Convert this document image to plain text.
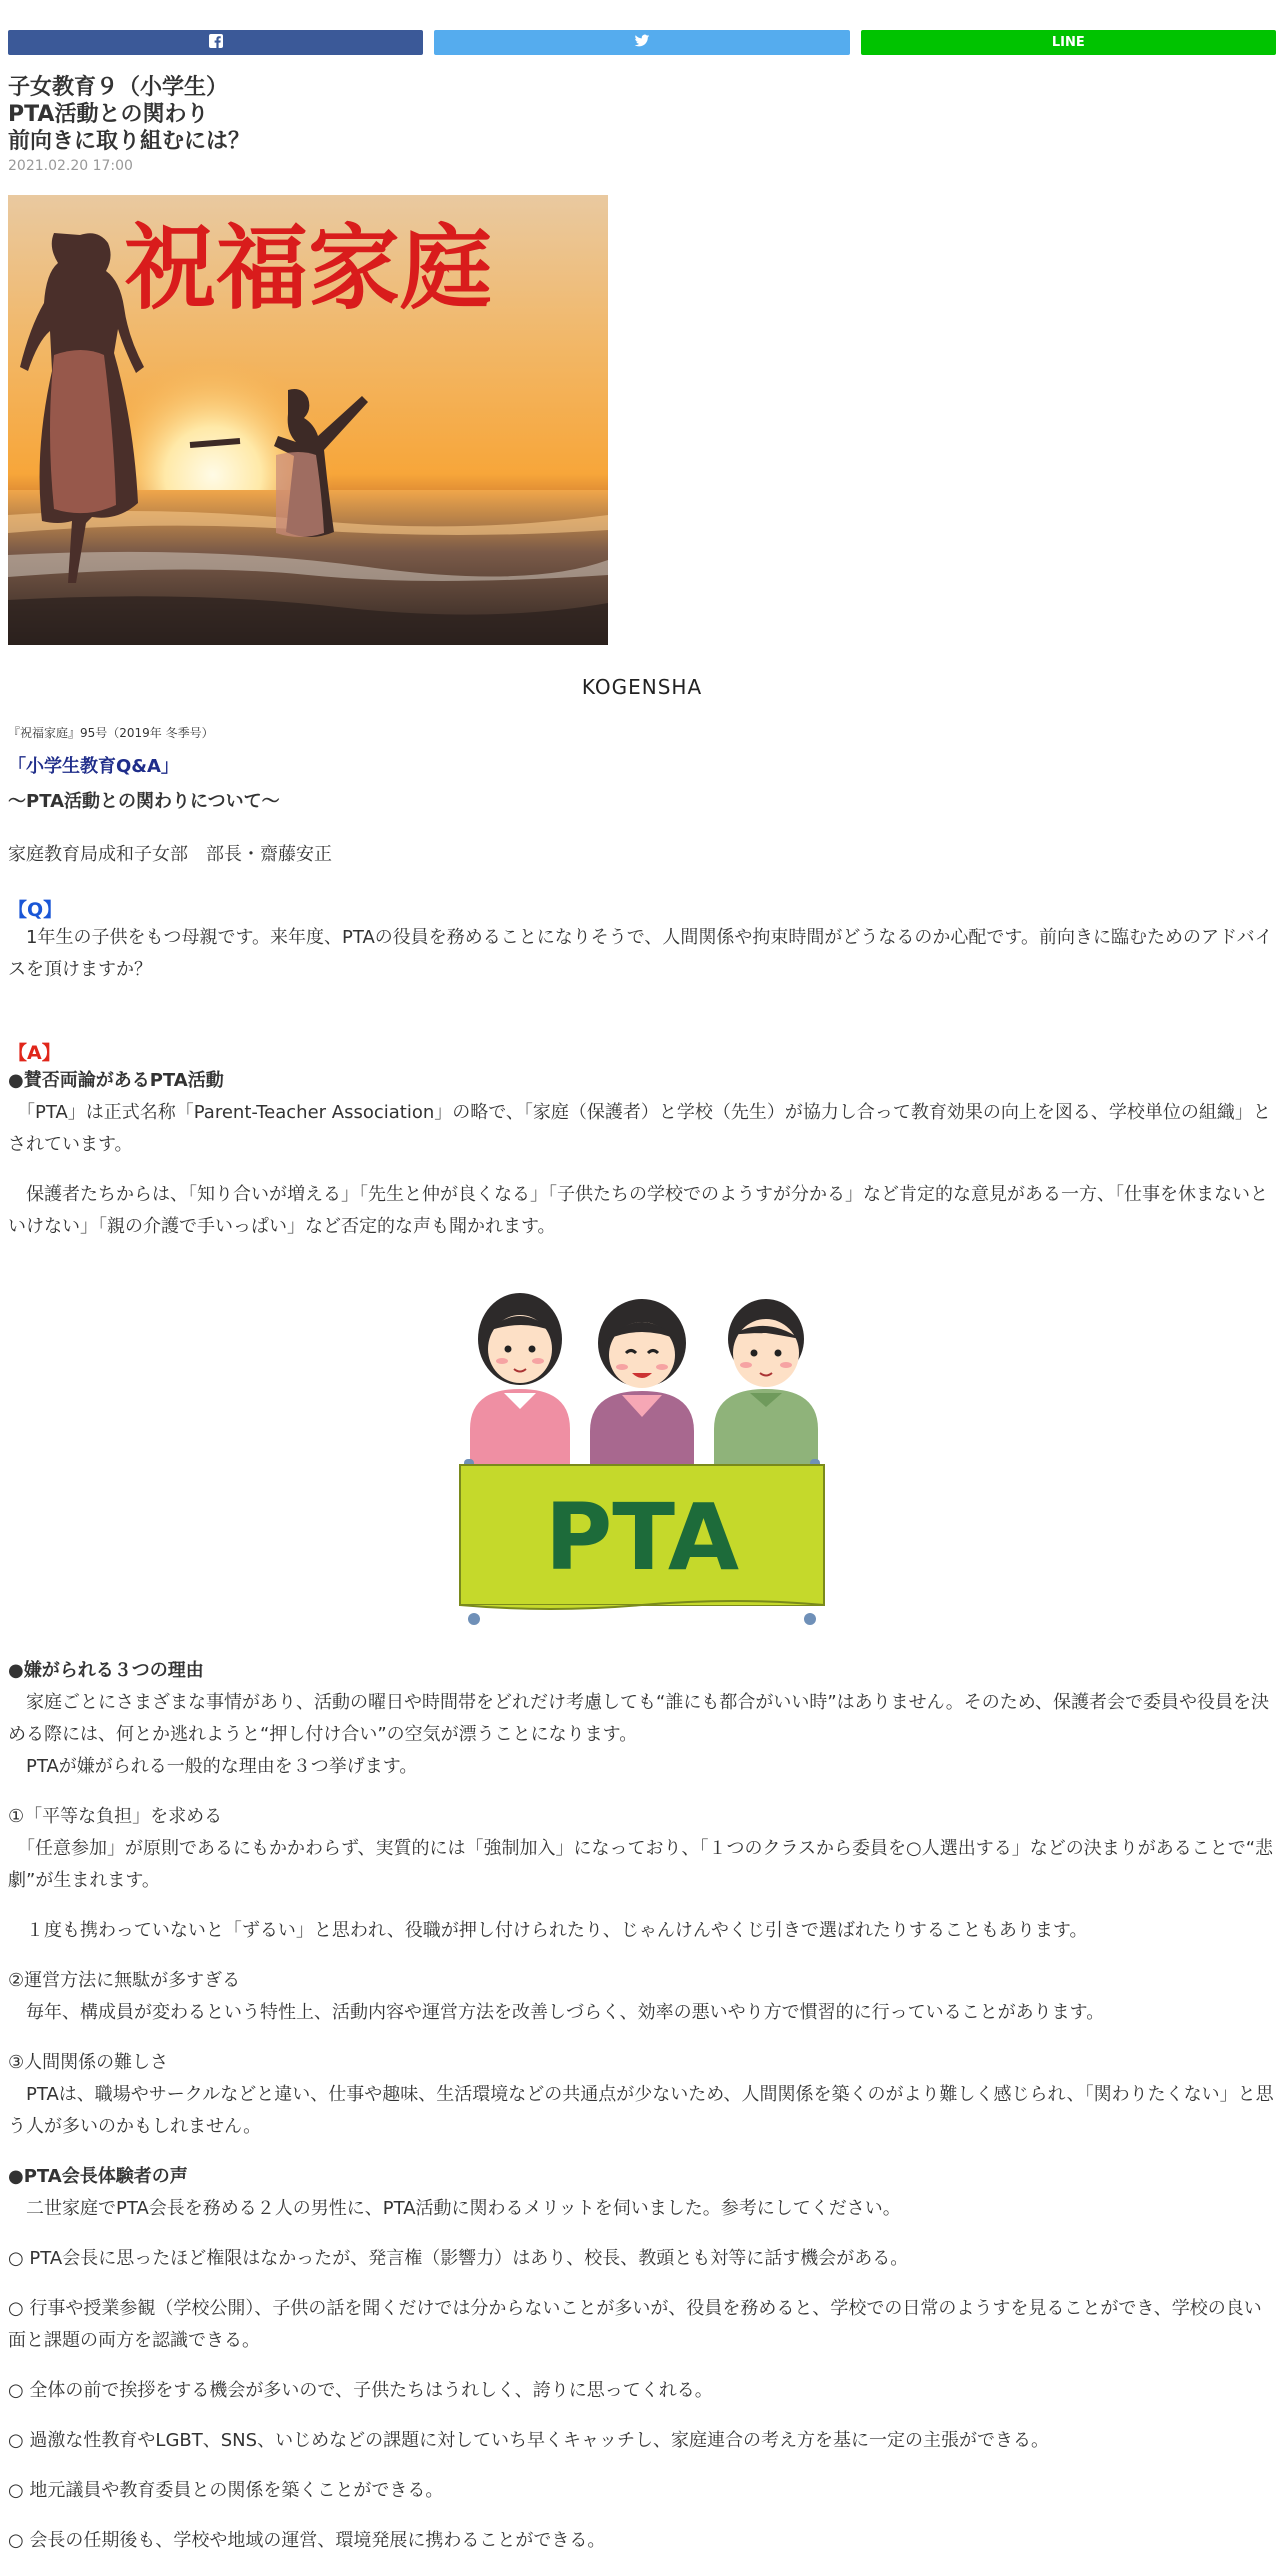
LINE
子女教育９（小学生）
PTA活動との関わり
前向きに取り組むには？
2021.02.20 17:00
祝福家庭
KOGENSHA
『祝福家庭』95号（2019年 冬季号）
「小学生教育Q&A」
〜PTA活動との関わりについて〜
家庭教育局成和子女部　部長・齋藤安正
【Q】

　1年生の子供をもつ母親です。来年度、PTAの役員を務めることになりそうで、人間関係や拘束時間がどうなるのか心配です。前向きに臨むためのアドバイスを頂けますか？

【A】
●賛否両論があるPTA活動

　「PTA」は正式名称「Parent-Teacher Association」の略で、「家庭（保護者）と学校（先生）が協力し合って教育効果の向上を図る、学校単位の組織」とされています。

　保護者たちからは、「知り合いが増える」「先生と仲が良くなる」「子供たちの学校でのようすが分かる」など肯定的な意見がある一方、「仕事を休まないといけない」「親の介護で手いっぱい」など否定的な声も聞かれます。

PTA
●嫌がられる３つの理由

　家庭ごとにさまざまな事情があり、活動の曜日や時間帯をどれだけ考慮しても“誰にも都合がいい時”はありません。そのため、保護者会で委員や役員を決める際には、何とか逃れようと“押し付け合い”の空気が漂うことになります。

　PTAが嫌がられる一般的な理由を３つ挙げます。

①「平等な負担」を求める

　「任意参加」が原則であるにもかかわらず、実質的には「強制加入」になっており、「１つのクラスから委員を○人選出する」などの決まりがあることで“悲劇”が生まれます。

　１度も携わっていないと「ずるい」と思われ、役職が押し付けられたり、じゃんけんやくじ引きで選ばれたりすることもあります。

②運営方法に無駄が多すぎる

　毎年、構成員が変わるという特性上、活動内容や運営方法を改善しづらく、効率の悪いやり方で慣習的に行っていることがあります。

③人間関係の難しさ

　PTAは、職場やサークルなどと違い、仕事や趣味、生活環境などの共通点が少ないため、人間関係を築くのがより難しく感じられ、「関わりたくない」と思う人が多いのかもしれません。

●PTA会長体験者の声

　二世家庭でPTA会長を務める２人の男性に、PTA活動に関わるメリットを伺いました。参考にしてください。

○ PTA会長に思ったほど権限はなかったが、発言権（影響力）はあり、校長、教頭とも対等に話す機会がある。

○ 行事や授業参観（学校公開）、子供の話を聞くだけでは分からないことが多いが、役員を務めると、学校での日常のようすを見ることができ、学校の良い面と課題の両方を認識できる。

○ 全体の前で挨拶をする機会が多いので、子供たちはうれしく、誇りに思ってくれる。

○ 過激な性教育やLGBT、SNS、いじめなどの課題に対していち早くキャッチし、家庭連合の考え方を基に一定の主張ができる。

○ 地元議員や教育委員との関係を築くことができる。

○ 会長の任期後も、学校や地域の運営、環境発展に携わることができる。
